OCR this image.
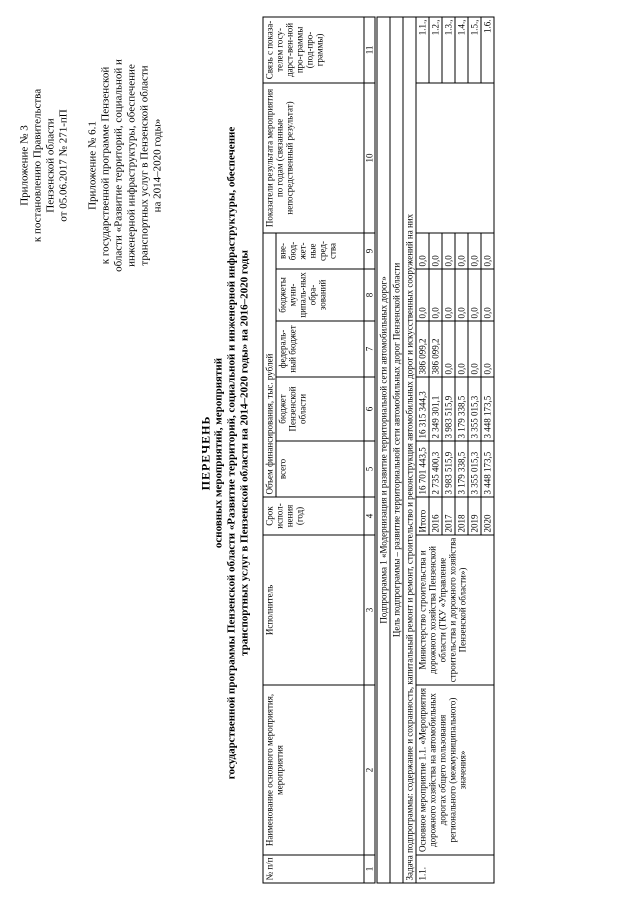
Приложение № 3 к постановлению Правительства Пензенской области от 05.06.2017 № 271-пП Приложение № 6.1 к государственной программе Пензенской области «Развитие территорий, социальной и инженерной инфраструктуры, обеспечение транспортных услуг в Пензенской области на 2014–2020 годы»
ПЕРЕЧЕНЬ основных мероприятий, мероприятий государственной программы Пензенской области «Развитие территорий, социальной и инженерной инфраструктуры, обеспечение транспортных услуг в Пензенской области на 2014–2020 годы» на 2016–2020 годы
№ п/п	Наименование основного мероприятия, мероприятия	Исполнитель	Срок испол-нения (год)	Объем финансирования, тыс. рублей					Показатели результата мероприятия по годам (связанные непосредственный результат)	Связь с показа-телем госу-дарст-вен-ной про-граммы (под-про-граммы)
				всего	бюджет Пензенской области	федераль-ный бюджет	бюджеты муни-ципаль-ных обра-зований	вне-бюд-жет-ные сред-ства		
1	2	3	4	5	6	7	8	9	10	11
Подпрограмма 1 «Модернизация и развитие территориальной сети автомобильных дорог»										
Цель подпрограммы – развитие территориальной сети автомобильных дорог Пензенской области										
Задача подпрограммы: содержание и сохранность, капитальный ремонт и ремонт, строительство и реконструкция автомобильных дорог и искусственных сооружений на них										
1.1.	Основное мероприятие 1.1. «Мероприятия дорожного хозяйства на автомобильных дорогах общего пользования регионального (межмуниципального) значения»	Министерство строительства и дорожного хозяйства Пензенской области (ГКУ «Управление строительства и дорожного хозяйства Пензенской области»)	Итого	16 701 443,5	16 315 344,3	386 099,2	0,0	0,0		1.1.,
			2016	2 735 400,3	2 349 301,1	386 099,2	0,0	0,0		1.2.,
			2017	3 983 515,9	3 983 515,9	0,0	0,0	0,0		1.3.,
			2018	3 179 338,5	3 179 338,5	0,0	0,0	0,0		1.4.,
			2019	3 355 015,3	3 355 015,3	0,0	0,0	0,0		1.5.,
			2020	3 448 173,5	3 448 173,5	0,0	0,0	0,0		1.6.
